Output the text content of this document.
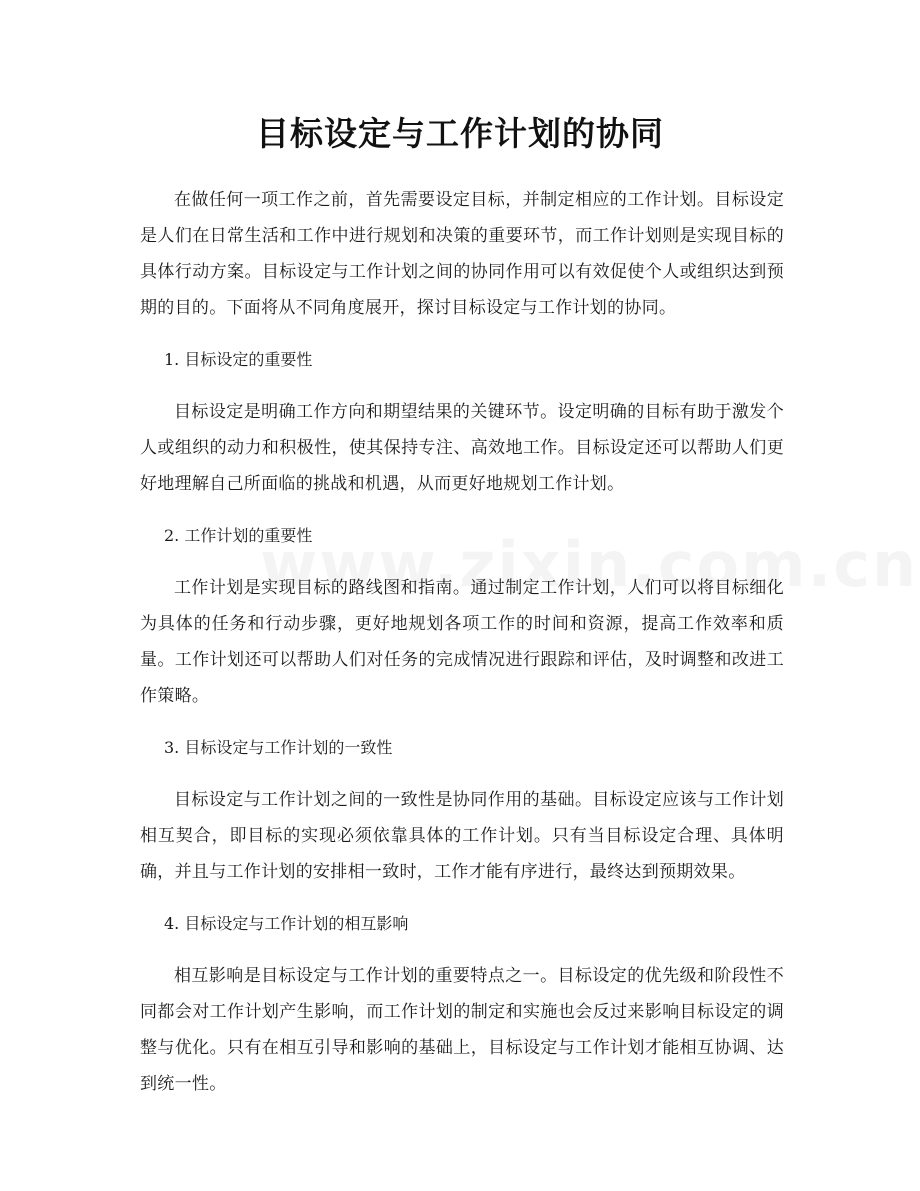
目标设定与工作计划的协同

在做任何一项工作之前，首先需要设定目标，并制定相应的工作计划。目标设定是人们在日常生活和工作中进行规划和决策的重要环节，而工作计划则是实现目标的具体行动方案。目标设定与工作计划之间的协同作用可以有效促使个人或组织达到预期的目的。下面将从不同角度展开，探讨目标设定与工作计划的协同。

1. 目标设定的重要性

目标设定是明确工作方向和期望结果的关键环节。设定明确的目标有助于激发个人或组织的动力和积极性，使其保持专注、高效地工作。目标设定还可以帮助人们更好地理解自己所面临的挑战和机遇，从而更好地规划工作计划。

2. 工作计划的重要性

工作计划是实现目标的路线图和指南。通过制定工作计划，人们可以将目标细化为具体的任务和行动步骤，更好地规划各项工作的时间和资源，提高工作效率和质量。工作计划还可以帮助人们对任务的完成情况进行跟踪和评估，及时调整和改进工作策略。

3. 目标设定与工作计划的一致性

目标设定与工作计划之间的一致性是协同作用的基础。目标设定应该与工作计划相互契合，即目标的实现必须依靠具体的工作计划。只有当目标设定合理、具体明确，并且与工作计划的安排相一致时，工作才能有序进行，最终达到预期效果。

4. 目标设定与工作计划的相互影响

相互影响是目标设定与工作计划的重要特点之一。目标设定的优先级和阶段性不同都会对工作计划产生影响，而工作计划的制定和实施也会反过来影响目标设定的调整与优化。只有在相互引导和影响的基础上，目标设定与工作计划才能相互协调、达到统一性。
